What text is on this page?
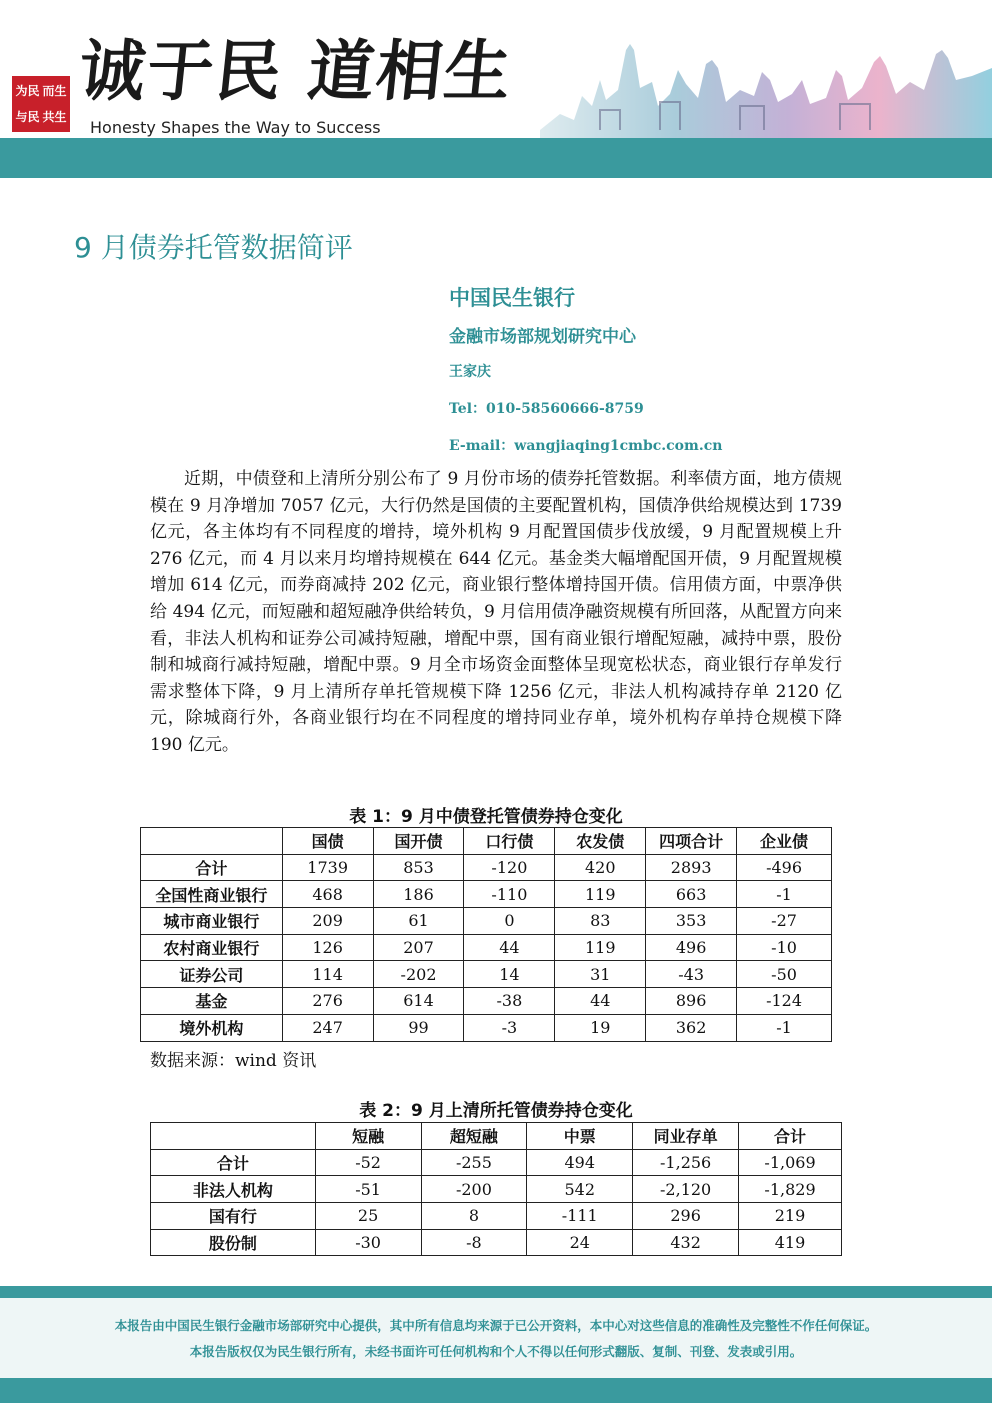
为民 而生
与民 共生
诚于民 道相生
Honesty Shapes the Way to Success
9 月债券托管数据简评
中国民生银行
金融市场部规划研究中心
王家庆
Tel：010-58560666-8759
E-mail：wangjiaqing1cmbc.com.cn

近期，中债登和上清所分别公布了 9 月份市场的债券托管数据。利率债方面，地方债规模在 9 月净增加 7057 亿元，大行仍然是国债的主要配置机构，国债净供给规模达到 1739 亿元，各主体均有不同程度的增持，境外机构 9 月配置国债步伐放缓，9 月配置规模上升 276 亿元，而 4 月以来月均增持规模在 644 亿元。基金类大幅增配国开债，9 月配置规模增加 614 亿元，而券商减持 202 亿元，商业银行整体增持国开债。信用债方面，中票净供给 494 亿元，而短融和超短融净供给转负，9 月信用债净融资规模有所回落，从配置方向来看，非法人机构和证券公司减持短融，增配中票，国有商业银行增配短融，减持中票，股份制和城商行减持短融，增配中票。9 月全市场资金面整体呈现宽松状态，商业银行存单发行需求整体下降，9 月上清所存单托管规模下降 1256 亿元，非法人机构减持存单 2120 亿元，除城商行外，各商业银行均在不同程度的增持同业存单，境外机构存单持仓规模下降 190 亿元。

表 1：9 月中债登托管债券持仓变化
	国债	国开债	口行债	农发债	四项合计	企业债
合计	1739	853	-120	420	2893	-496
全国性商业银行	468	186	-110	119	663	-1
城市商业银行	209	61	0	83	353	-27
农村商业银行	126	207	44	119	496	-10
证券公司	114	-202	14	31	-43	-50
基金	276	614	-38	44	896	-124
境外机构	247	99	-3	19	362	-1
数据来源：wind 资讯
表 2：9 月上清所托管债券持仓变化
	短融	超短融	中票	同业存单	合计
合计	-52	-255	494	-1,256	-1,069
非法人机构	-51	-200	542	-2,120	-1,829
国有行	25	8	-111	296	219
股份制	-30	-8	24	432	419
本报告由中国民生银行金融市场部研究中心提供，其中所有信息均来源于已公开资料，本中心对这些信息的准确性及完整性不作任何保证。
本报告版权仅为民生银行所有，未经书面许可任何机构和个人不得以任何形式翻版、复制、刊登、发表或引用。
